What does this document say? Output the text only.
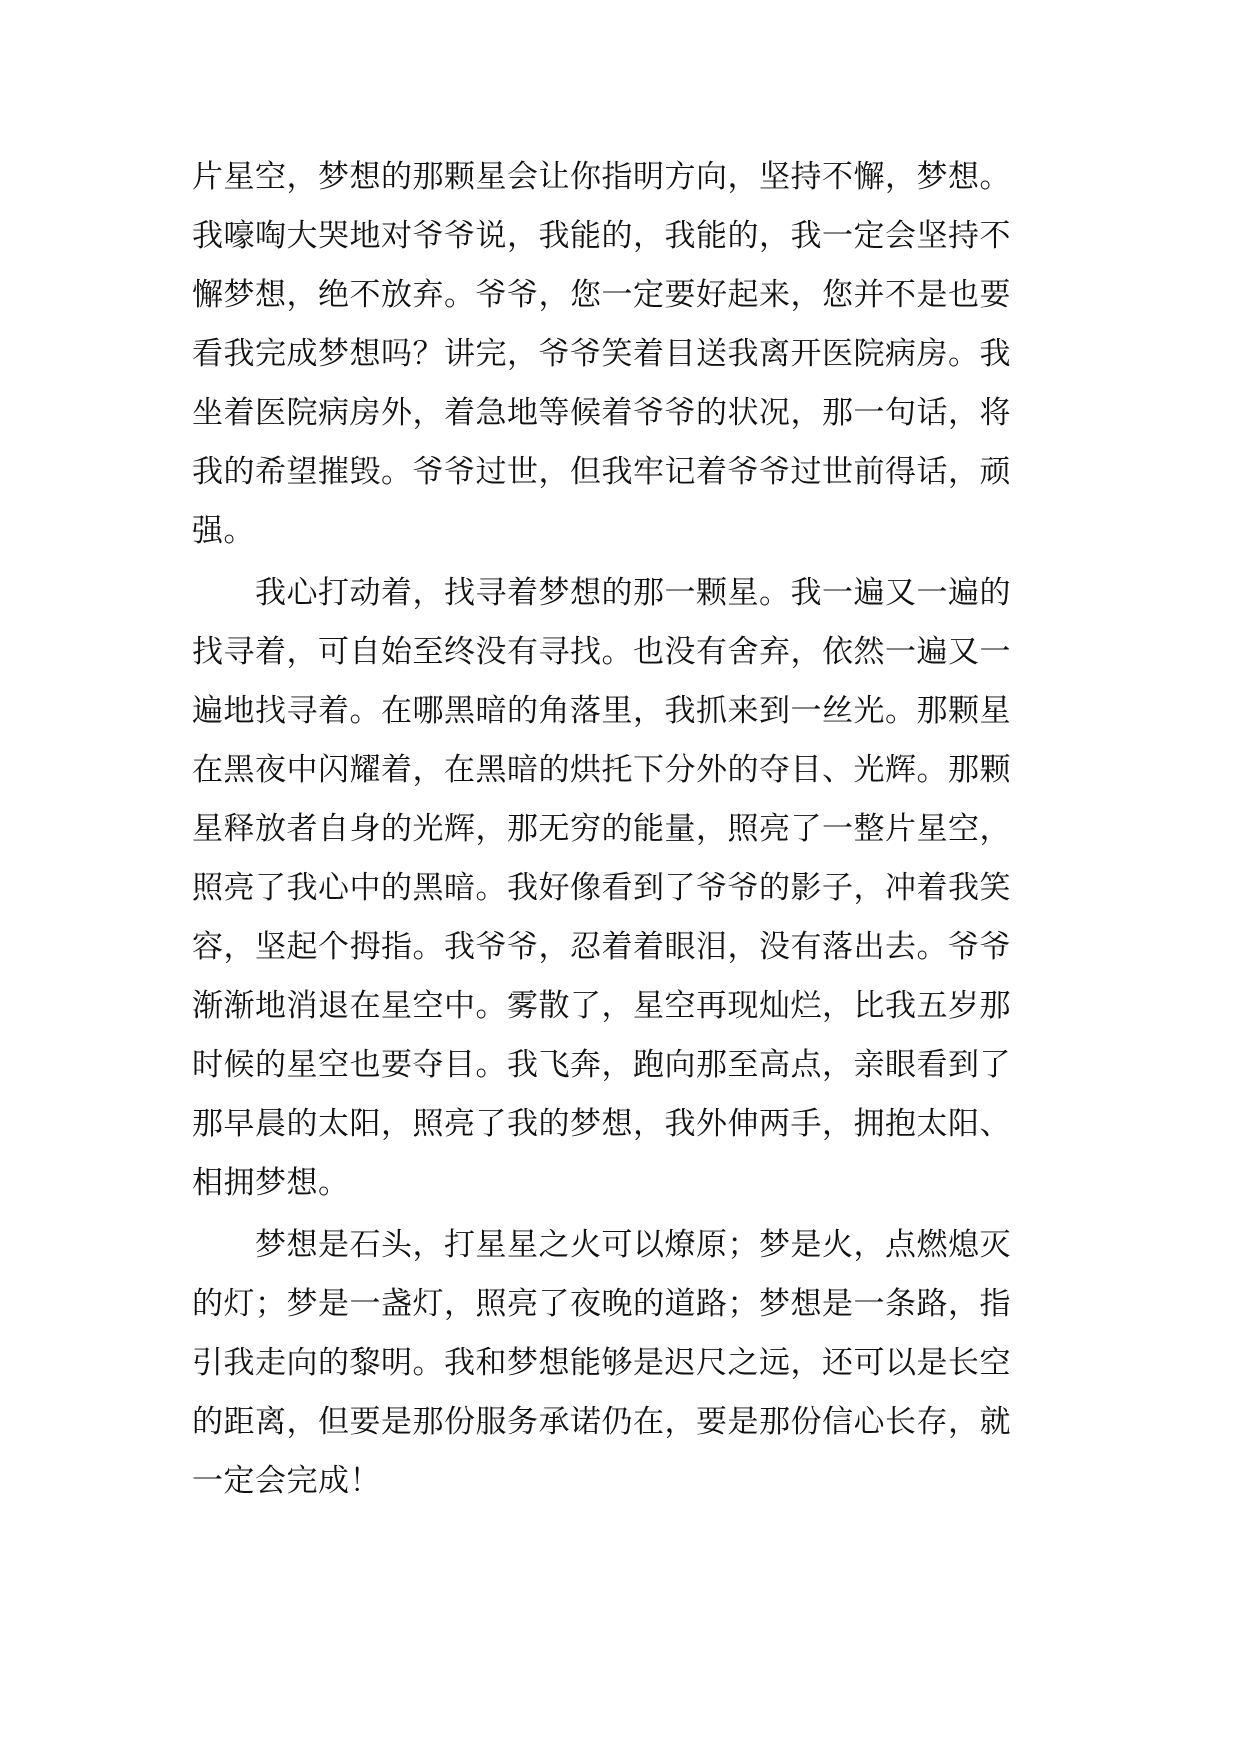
片星空，梦想的那颗星会让你指明方向，坚持不懈，梦想。
我嚎啕大哭地对爷爷说，我能的，我能的，我一定会坚持不
懈梦想，绝不放弃。爷爷，您一定要好起来，您并不是也要
看我完成梦想吗？讲完，爷爷笑着目送我离开医院病房。我
坐着医院病房外，着急地等候着爷爷的状况，那一句话，将
我的希望摧毁。爷爷过世，但我牢记着爷爷过世前得话，顽
强。
　　我心打动着，找寻着梦想的那一颗星。我一遍又一遍的
找寻着，可自始至终没有寻找。也没有舍弃，依然一遍又一
遍地找寻着。在哪黑暗的角落里，我抓来到一丝光。那颗星
在黑夜中闪耀着，在黑暗的烘托下分外的夺目、光辉。那颗
星释放者自身的光辉，那无穷的能量，照亮了一整片星空，
照亮了我心中的黑暗。我好像看到了爷爷的影子，冲着我笑
容，坚起个拇指。我爷爷，忍着着眼泪，没有落出去。爷爷
渐渐地消退在星空中。雾散了，星空再现灿烂，比我五岁那
时候的星空也要夺目。我飞奔，跑向那至高点，亲眼看到了
那早晨的太阳，照亮了我的梦想，我外伸两手，拥抱太阳、
相拥梦想。
　　梦想是石头，打星星之火可以燎原；梦是火，点燃熄灭
的灯；梦是一盏灯，照亮了夜晚的道路；梦想是一条路，指
引我走向的黎明。我和梦想能够是迟尺之远，还可以是长空
的距离，但要是那份服务承诺仍在，要是那份信心长存，就
一定会完成！
